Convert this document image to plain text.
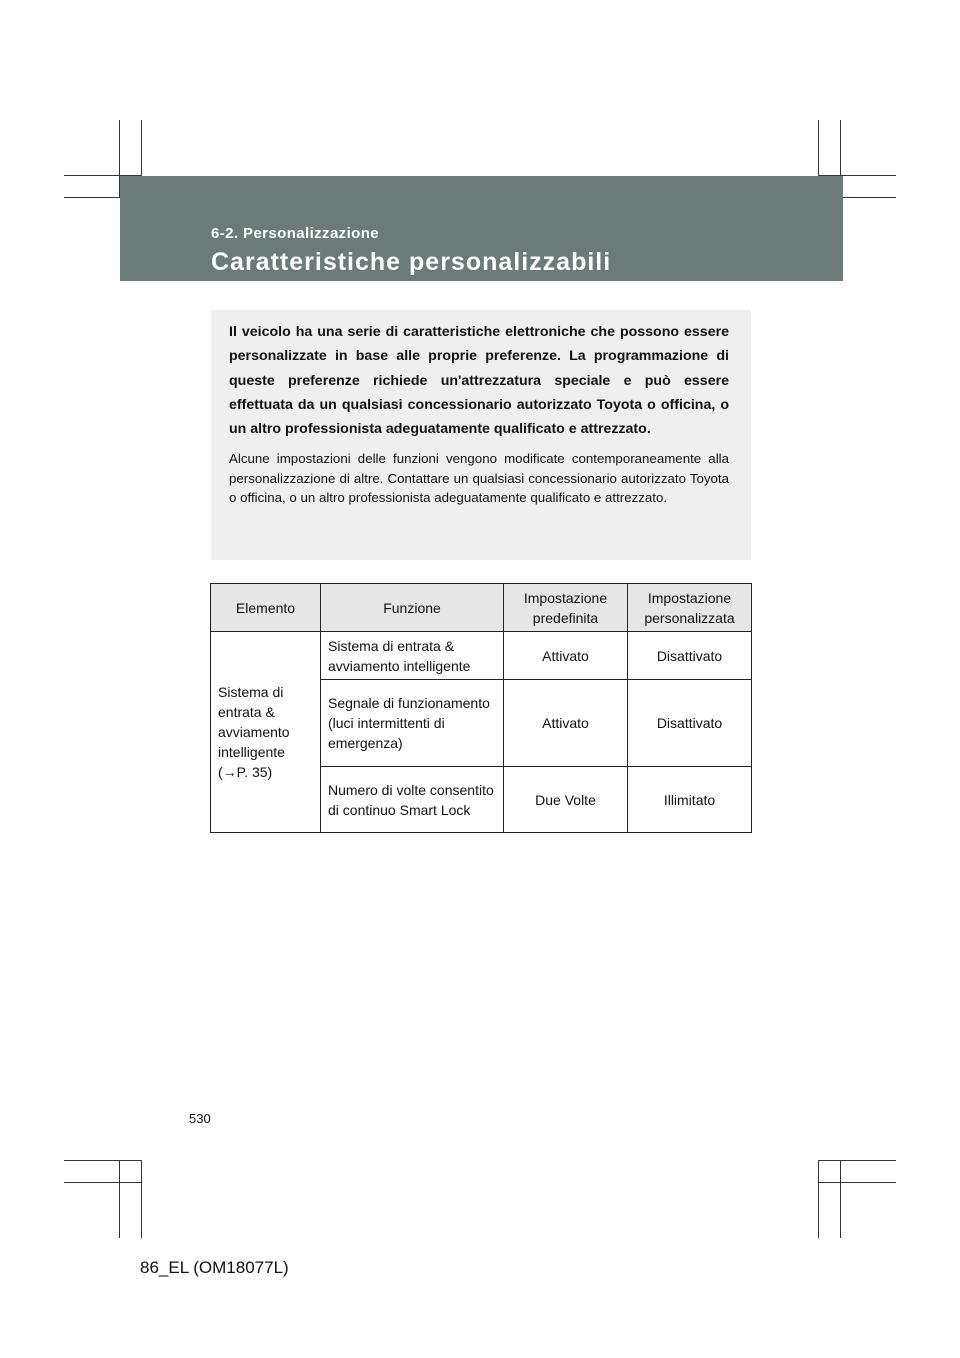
6-2. Personalizzazione
Caratteristiche personalizzabili

Il veicolo ha una serie di caratteristiche elettroniche che possono essere personalizzate in base alle proprie preferenze. La programmazione di queste preferenze richiede un'attrezzatura speciale e può essere effettuata da un qualsiasi concessionario autorizzato Toyota o officina, o un altro professionista adeguatamente qualificato e attrezzato.

Alcune impostazioni delle funzioni vengono modificate contemporaneamente alla personalizzazione di altre. Contattare un qualsiasi concessionario autorizzato Toyota o officina, o un altro professionista adeguatamente qualificato e attrezzato.

Elemento	Funzione	Impostazione predefinita	Impostazione personalizzata
Sistema di entrata & avviamento intelligente (→P. 35)	Sistema di entrata & avviamento intelligente	Attivato	Disattivato
	Segnale di funzionamento (luci intermittenti di emergenza)	Attivato	Disattivato
	Numero di volte consentito di continuo Smart Lock	Due Volte	Illimitato
530
86_EL (OM18077L)
